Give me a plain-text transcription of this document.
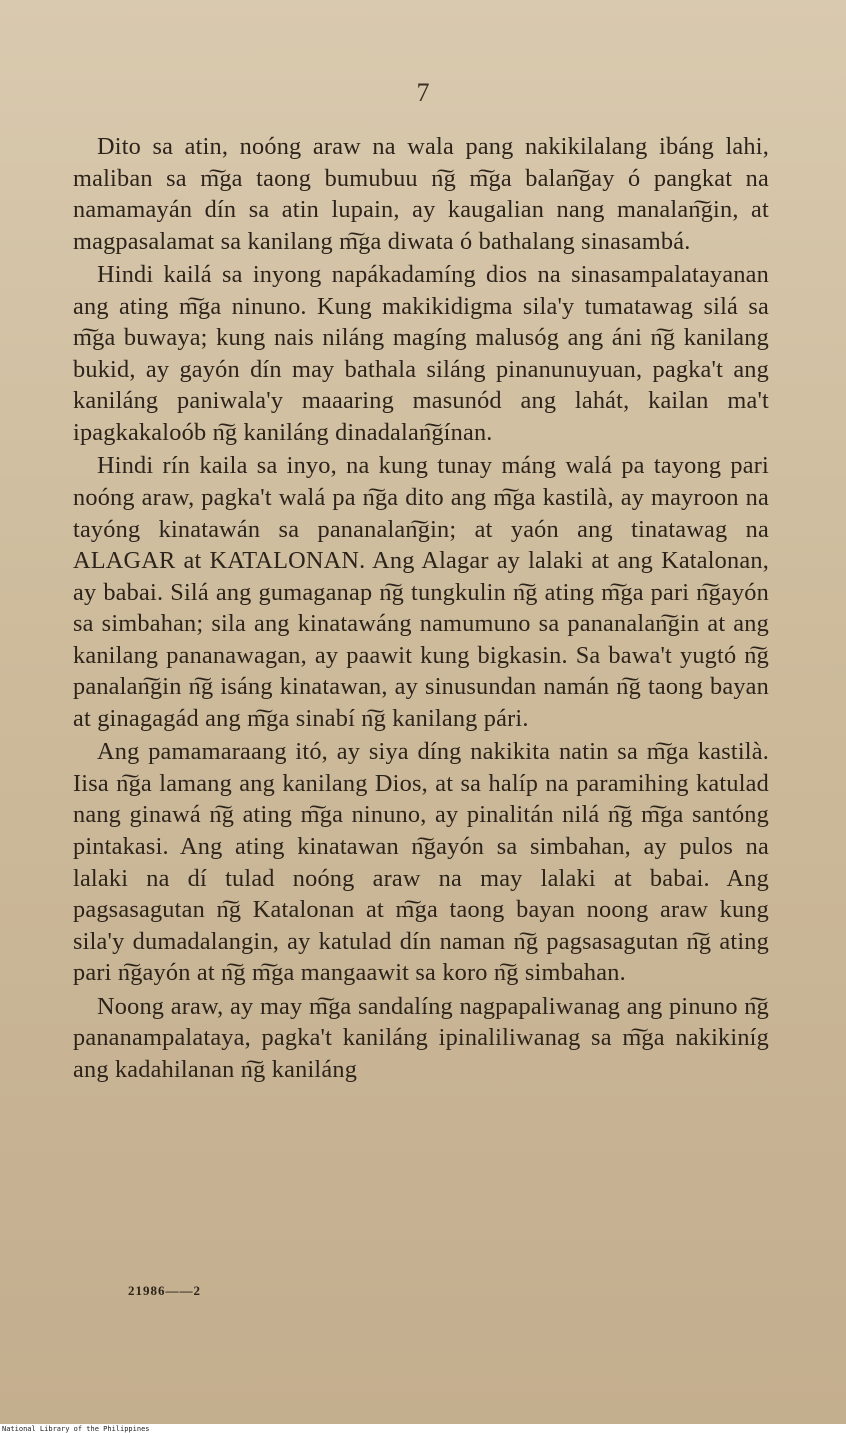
7

Dito sa atin, noóng araw na wala pang nakikilalang ibáng lahi, maliban sa m͠ga taong bumubuu n͠g m͠ga balan͠gay ó pangkat na namamayán dín sa atin lupain, ay kaugalian nang manalan͠gin, at magpasalamat sa kanilang m͠ga diwata ó bathalang sinasambá.

Hindi kailá sa inyong napákadamíng dios na sinasampalatayanan ang ating m͠ga ninuno. Kung makikidigma sila'y tumatawag silá sa m͠ga buwaya; kung nais niláng magíng malusóg ang áni n͠g kanilang bukid, ay gayón dín may bathala siláng pinanunuyuan, pagka't ang kaniláng paniwala'y maaaring masunód ang lahát, kailan ma't ipagkakaloób n͠g kaniláng dinadalan͠gínan.

Hindi rín kaila sa inyo, na kung tunay máng walá pa tayong pari noóng araw, pagka't walá pa n͠ga dito ang m͠ga kastilà, ay mayroon na tayóng kinatawán sa pananalan͠gin; at yaón ang tinatawag na ALAGAR at KATALONAN. Ang Alagar ay lalaki at ang Katalonan, ay babai. Silá ang gumaganap n͠g tungkulin n͠g ating m͠ga pari n͠gayón sa simbahan; sila ang kinatawáng namumuno sa pananalan͠gin at ang kanilang pananawagan, ay paawit kung bigkasin. Sa bawa't yugtó n͠g panalan͠gin n͠g isáng kinatawan, ay sinusundan namán n͠g taong bayan at ginagagád ang m͠ga sinabí n͠g kanilang pári.

Ang pamamaraang itó, ay siya díng nakikita natin sa m͠ga kastilà. Iisa n͠ga lamang ang kanilang Dios, at sa halíp na paramihing katulad nang ginawá n͠g ating m͠ga ninuno, ay pinalitán nilá n͠g m͠ga santóng pintakasi. Ang ating kinatawan n͠gayón sa simbahan, ay pulos na lalaki na dí tulad noóng araw na may lalaki at babai. Ang pagsasagutan n͠g Katalonan at m͠ga taong bayan noong araw kung sila'y dumadalangin, ay katulad dín naman n͠g pagsasagutan n͠g ating pari n͠gayón at n͠g m͠ga mangaawit sa koro n͠g simbahan.

Noong araw, ay may m͠ga sandalíng nagpapaliwanag ang pinuno n͠g pananampalataya, pagka't kaniláng ipinaliliwanag sa m͠ga nakikiníg ang kadahilanan n͠g kaniláng

21986——2
National Library of the Philippines
